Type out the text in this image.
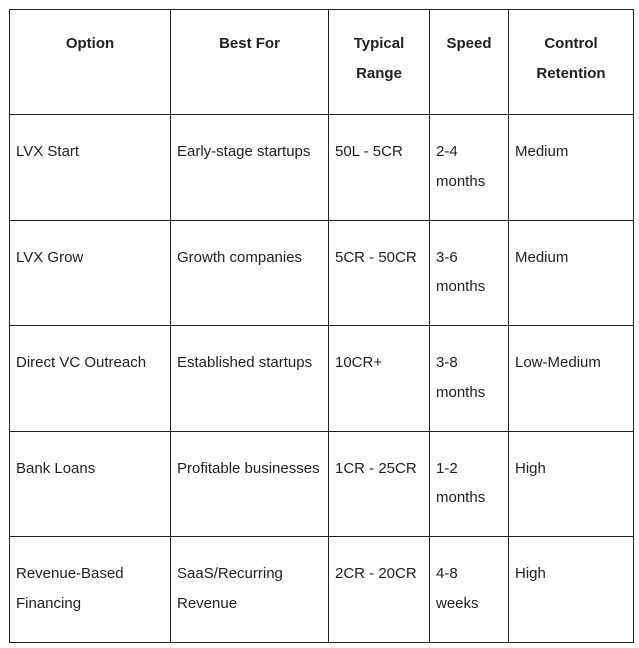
Option	Best For	Typical Range	Speed	Control Retention
LVX Start	Early-stage startups	50L - 5CR	2-4 months	Medium
LVX Grow	Growth companies	5CR - 50CR	3-6 months	Medium
Direct VC Outreach	Established startups	10CR+	3-8 months	Low-Medium
Bank Loans	Profitable businesses	1CR - 25CR	1-2 months	High
Revenue-Based Financing	SaaS/Recurring Revenue	2CR - 20CR	4-8 weeks	High
